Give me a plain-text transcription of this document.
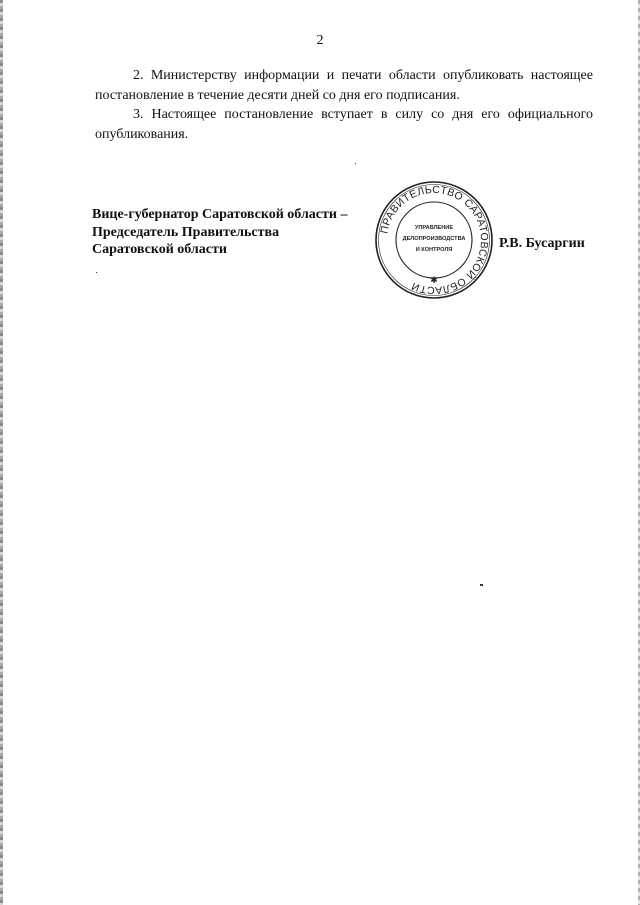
2

2. Министерству информации и печати области опубликовать настоящее постановление в течение десяти дней со дня его подписания.

3. Настоящее постановление вступает в силу со дня его официального опубликования.

Вице-губернатор Саратовской области –
Председатель Правительства
Саратовской области
ПРАВИТЕЛЬСТВО САРАТОВСКОЙ ОБЛАСТИ ✱
УПРАВЛЕНИЕ
ДЕЛОПРОИЗВОДСТВА
И КОНТРОЛЯ	Р.В. Бусаргин
